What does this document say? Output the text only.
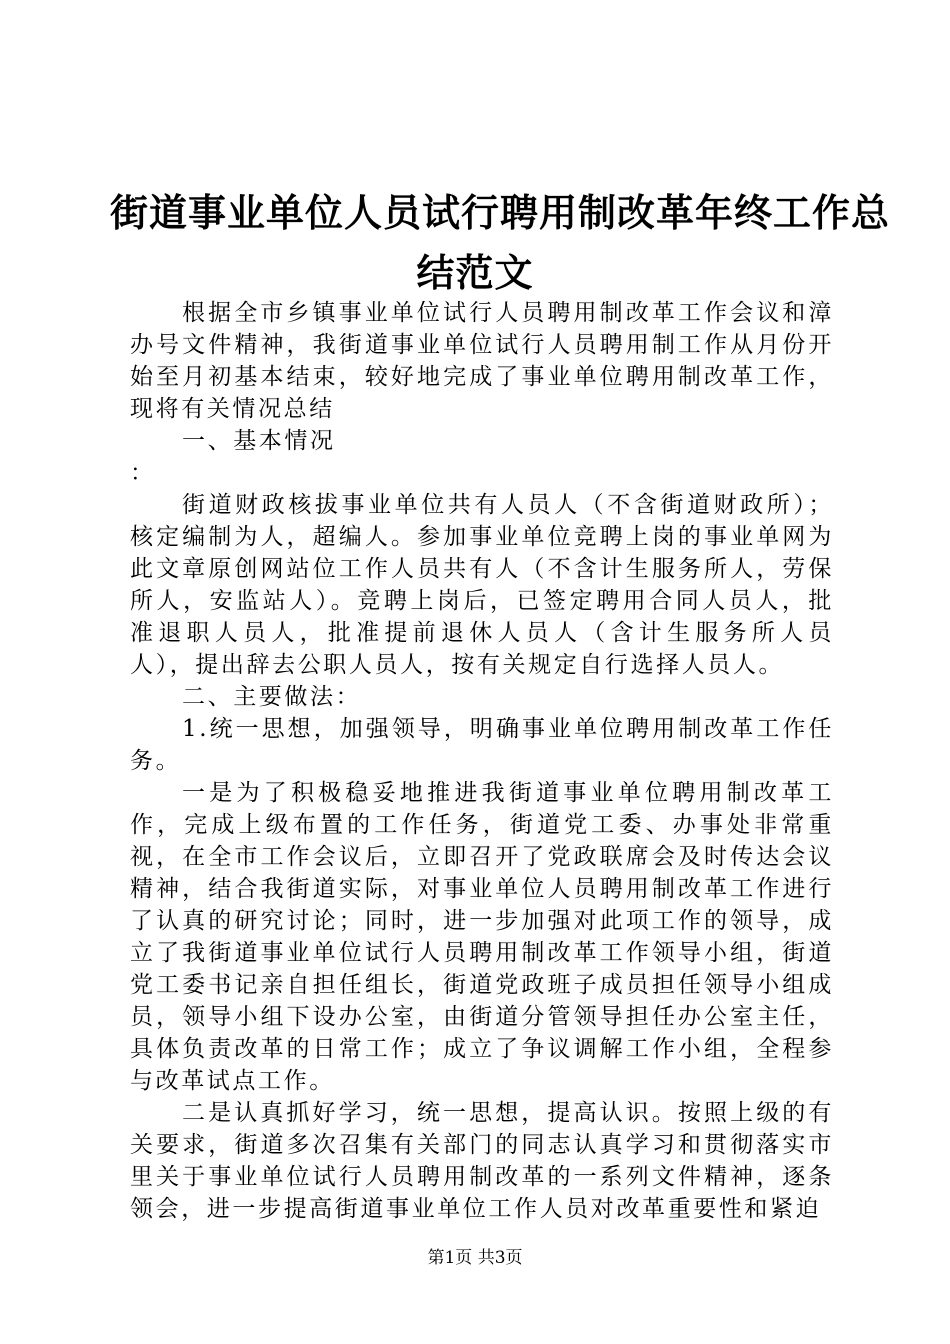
街道事业单位人员试行聘用制改革年终工作总
结范文

根据全市乡镇事业单位试行人员聘用制改革工作会议和漳办号文件精神，我街道事业单位试行人员聘用制工作从月份开始至月初基本结束，较好地完成了事业单位聘用制改革工作，现将有关情况总结

一、基本情况

：

街道财政核拔事业单位共有人员人（不含街道财政所）；核定编制为人，超编人。参加事业单位竞聘上岗的事业单网为此文章原创网站位工作人员共有人（不含计生服务所人，劳保所人，安监站人）。竞聘上岗后，已签定聘用合同人员人，批准退职人员人，批准提前退休人员人（含计生服务所人员人），提出辞去公职人员人，按有关规定自行选择人员人。

二、主要做法：

1.统一思想，加强领导，明确事业单位聘用制改革工作任务。

一是为了积极稳妥地推进我街道事业单位聘用制改革工作，完成上级布置的工作任务，街道党工委、办事处非常重视，在全市工作会议后，立即召开了党政联席会及时传达会议精神，结合我街道实际，对事业单位人员聘用制改革工作进行了认真的研究讨论；同时，进一步加强对此项工作的领导，成立了我街道事业单位试行人员聘用制改革工作领导小组，街道党工委书记亲自担任组长，街道党政班子成员担任领导小组成员，领导小组下设办公室，由街道分管领导担任办公室主任，具体负责改革的日常工作；成立了争议调解工作小组，全程参与改革试点工作。

二是认真抓好学习，统一思想，提高认识。按照上级的有关要求，街道多次召集有关部门的同志认真学习和贯彻落实市里关于事业单位试行人员聘用制改革的一系列文件精神，逐条领会，进一步提高街道事业单位工作人员对改革重要性和紧迫

第1页 共3页
